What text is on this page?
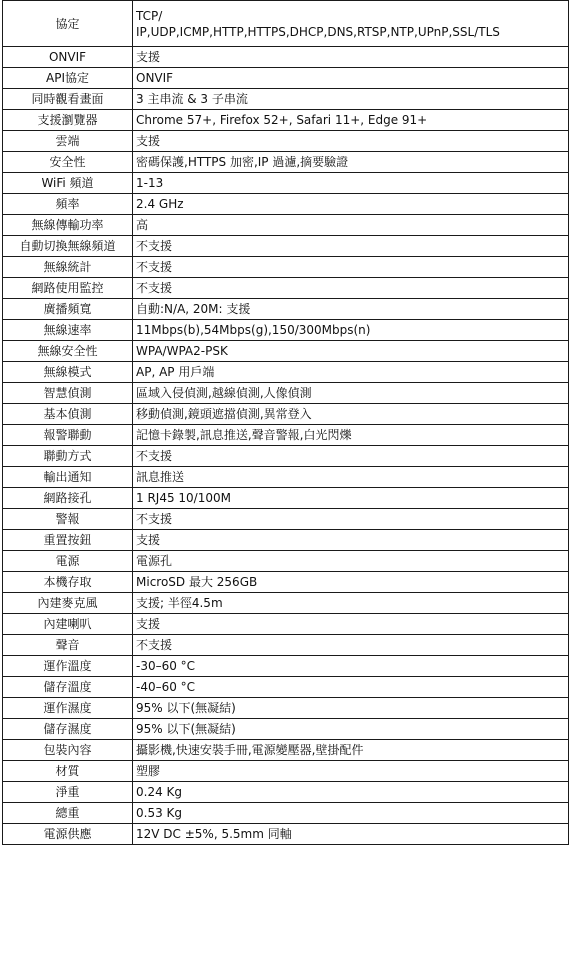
協定	TCP/
IP,UDP,ICMP,HTTP,HTTPS,DHCP,DNS,RTSP,NTP,UPnP,SSL/TLS
ONVIF	支援
API協定	ONVIF
同時觀看畫面	3 主串流 & 3 子串流
支援瀏覽器	Chrome 57+, Firefox 52+, Safari 11+, Edge 91+
雲端	支援
安全性	密碼保護,HTTPS 加密,IP 過濾,摘要驗證
WiFi 頻道	1-13
頻率	2.4 GHz
無線傳輸功率	高
自動切換無線頻道	不支援
無線統計	不支援
網路使用監控	不支援
廣播頻寬	自動:N/A, 20M: 支援
無線速率	11Mbps(b),54Mbps(g),150/300Mbps(n)
無線安全性	WPA/WPA2-PSK
無線模式	AP, AP 用戶端
智慧偵測	區域入侵偵測,越線偵測,人像偵測
基本偵測	移動偵測,鏡頭遮擋偵測,異常登入
報警聯動	記憶卡錄製,訊息推送,聲音警報,白光閃爍
聯動方式	不支援
輸出通知	訊息推送
網路接孔	1 RJ45 10/100M
警報	不支援
重置按鈕	支援
電源	電源孔
本機存取	MicroSD 最大 256GB
內建麥克風	支援; 半徑4.5m
內建喇叭	支援
聲音	不支援
運作溫度	-30–60 °C
儲存溫度	-40–60 °C
運作濕度	95% 以下(無凝結)
儲存濕度	95% 以下(無凝結)
包裝內容	攝影機,快速安裝手冊,電源變壓器,壁掛配件
材質	塑膠
淨重	0.24 Kg
總重	0.53 Kg
電源供應	12V DC ±5%, 5.5mm 同軸
